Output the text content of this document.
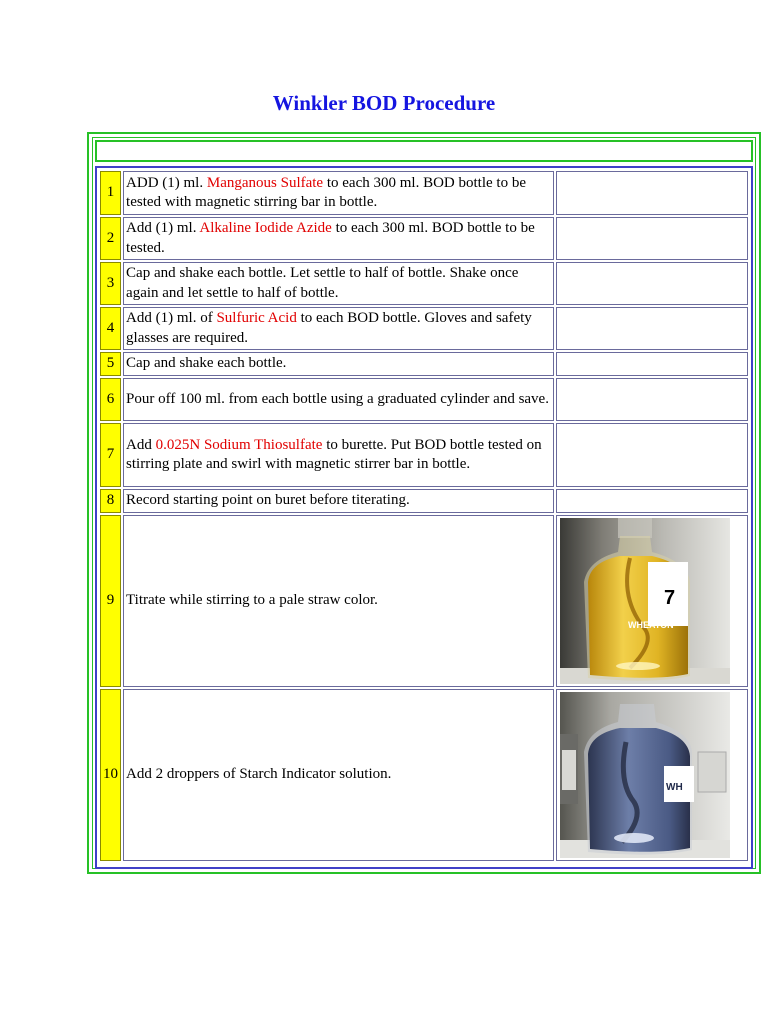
Winkler BOD Procedure
1	ADD (1) ml. Manganous Sulfate to each 300 ml. BOD bottle to be tested with magnetic stirring bar in bottle.	
2	Add (1) ml. Alkaline Iodide Azide to each 300 ml. BOD bottle to be tested.	
3	Cap and shake each bottle. Let settle to half of bottle. Shake once again and let settle to half of bottle.	
4	Add (1) ml. of Sulfuric Acid to each BOD bottle. Gloves and safety glasses are required.	
5	Cap and shake each bottle.	
6	Pour off 100 ml. from each bottle using a graduated cylinder and save.	
7	Add 0.025N Sodium Thiosulfate to burette. Put BOD bottle tested on stirring plate and swirl with magnetic stirrer bar in bottle.	
8	Record starting point on buret before titerating.	
9	Titrate while stirring to a pale straw color.	7
WHEATON

10	Add 2 droppers of Starch Indicator solution.	WH
